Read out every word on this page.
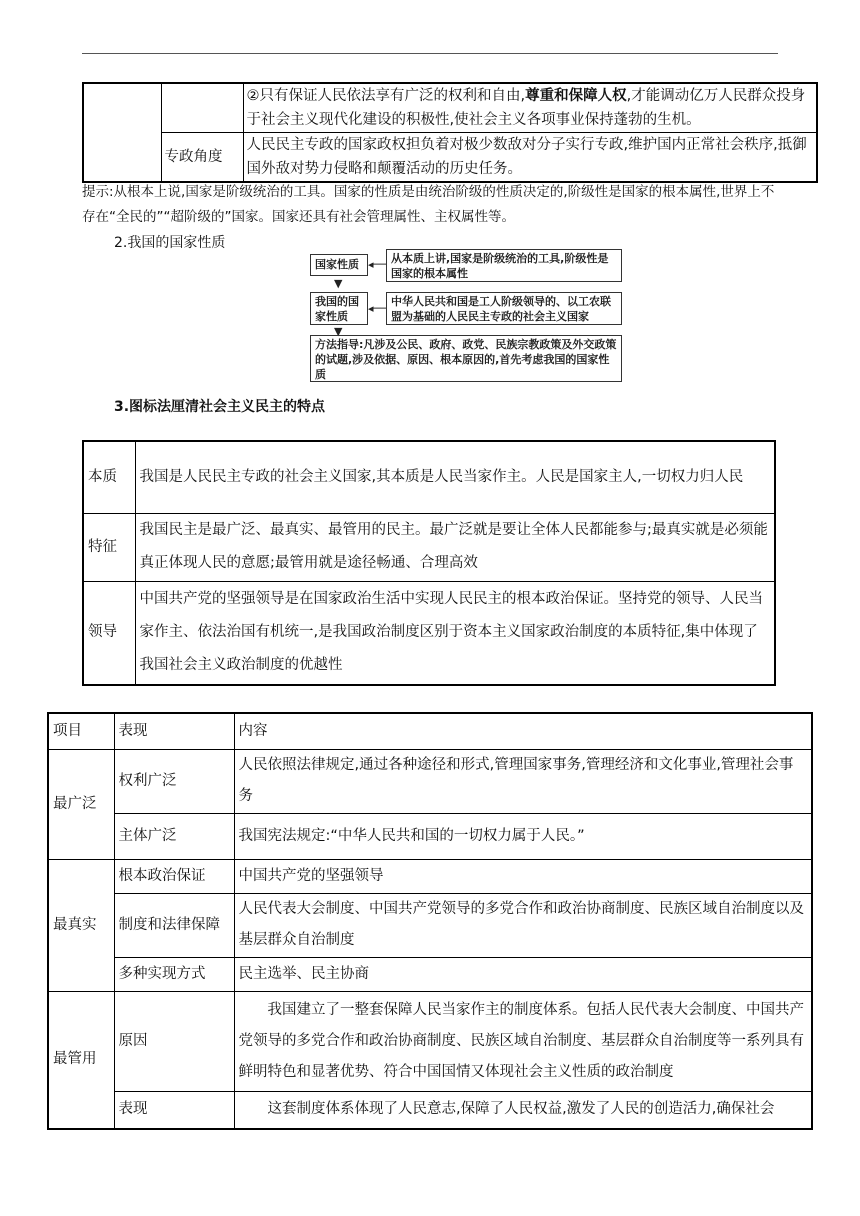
		②只有保证人民依法享有广泛的权利和自由,尊重和保障人权,才能调动亿万人民群众投身于社会主义现代化建设的积极性,使社会主义各项事业保持蓬勃的生机。
	专政角度	人民民主专政的国家政权担负着对极少数敌对分子实行专政,维护国内正常社会秩序,抵御国外敌对势力侵略和颠覆活动的历史任务。
提示:从根本上说,国家是阶级统治的工具。国家的性质是由统治阶级的性质决定的,阶级性是国家的根本属性,世界上不存在“全民的”“超阶级的”国家。国家还具有社会管理属性、主权属性等。
2.我国的国家性质
国家性质 ◂── 从本质上讲,国家是阶级统治的工具,阶级性是国家的根本属性
▼
我国的国家性质
◂──
中华人民共和国是工人阶级领导的、以工农联盟为基础的人民民主专政的社会主义国家
▼
方法指导:凡涉及公民、政府、政党、民族宗教政策及外交政策的试题,涉及依据、原因、根本原因的,首先考虑我国的国家性质
3.图标法厘清社会主义民主的特点
本质	我国是人民民主专政的社会主义国家,其本质是人民当家作主。人民是国家主人,一切权力归人民
特征	我国民主是最广泛、最真实、最管用的民主。最广泛就是要让全体人民都能参与;最真实就是必须能真正体现人民的意愿;最管用就是途径畅通、合理高效
领导	中国共产党的坚强领导是在国家政治生活中实现人民民主的根本政治保证。坚持党的领导、人民当家作主、依法治国有机统一,是我国政治制度区别于资本主义国家政治制度的本质特征,集中体现了我国社会主义政治制度的优越性
项目	表现	内容
最广泛	权利广泛	人民依照法律规定,通过各种途径和形式,管理国家事务,管理经济和文化事业,管理社会事务
	主体广泛	我国宪法规定:“中华人民共和国的一切权力属于人民。”
最真实	根本政治保证	中国共产党的坚强领导
	制度和法律保障	人民代表大会制度、中国共产党领导的多党合作和政治协商制度、民族区域自治制度以及基层群众自治制度
	多种实现方式	民主选举、民主协商
最管用	原因	我国建立了一整套保障人民当家作主的制度体系。包括人民代表大会制度、中国共产党领导的多党合作和政治协商制度、民族区域自治制度、基层群众自治制度等一系列具有鲜明特色和显著优势、符合中国国情又体现社会主义性质的政治制度
	表现	这套制度体系体现了人民意志,保障了人民权益,激发了人民的创造活力,确保社会
